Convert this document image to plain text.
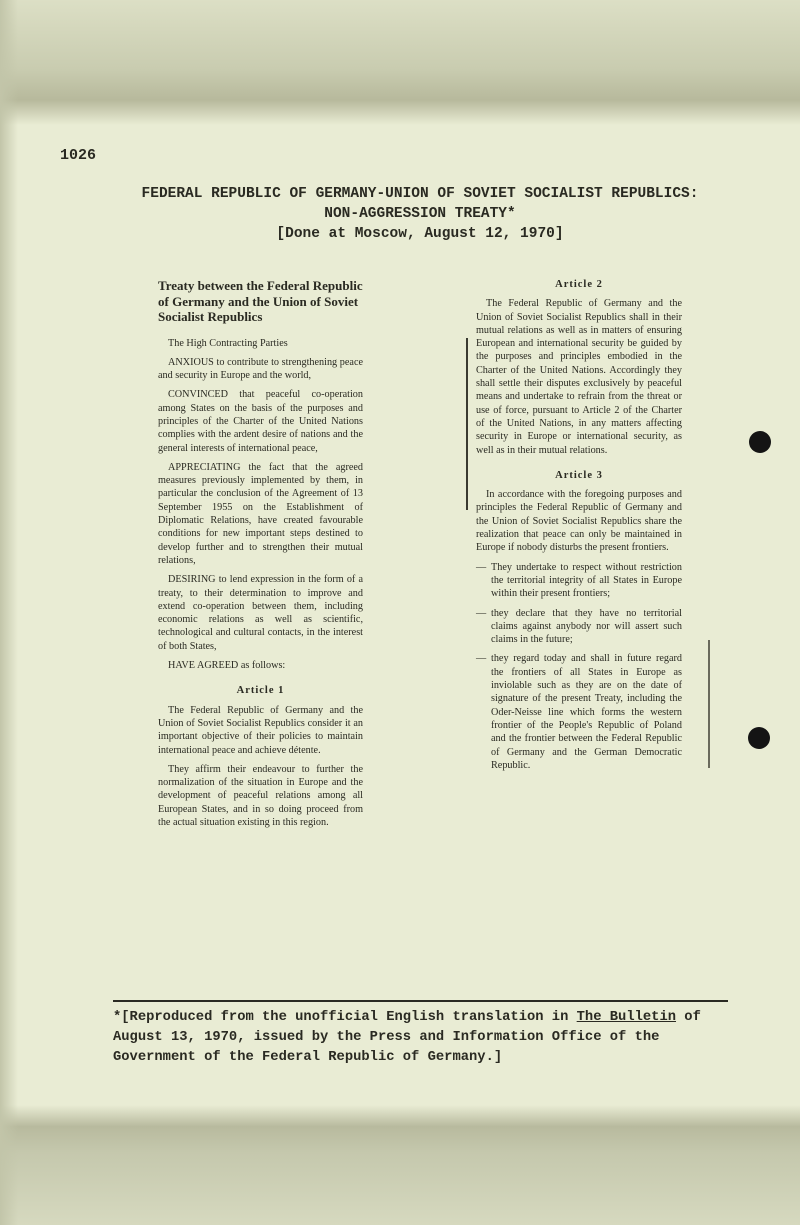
1026
FEDERAL REPUBLIC OF GERMANY-UNION OF SOVIET SOCIALIST REPUBLICS:
NON-AGGRESSION TREATY*
[Done at Moscow, August 12, 1970]
Treaty between the Federal Republic of Germany and the Union of Soviet Socialist Republics

The High Contracting Parties

ANXIOUS to contribute to strengthening peace and security in Europe and the world,

CONVINCED that peaceful co-operation among States on the basis of the purposes and principles of the Charter of the United Nations complies with the ardent desire of nations and the general interests of international peace,

APPRECIATING the fact that the agreed measures previously implemented by them, in particular the conclusion of the Agreement of 13 September 1955 on the Establishment of Diplomatic Relations, have created favourable conditions for new important steps destined to develop further and to strengthen their mutual relations,

DESIRING to lend expression in the form of a treaty, to their determination to improve and extend co-operation between them, including economic relations as well as scientific, technological and cultural contacts, in the interest of both States,

HAVE AGREED as follows:

Article 1

The Federal Republic of Germany and the Union of Soviet Socialist Republics consider it an important objective of their policies to maintain international peace and achieve détente.

They affirm their endeavour to further the normalization of the situation in Europe and the development of peaceful relations among all European States, and in so doing proceed from the actual situation existing in this region.

Article 2

The Federal Republic of Germany and the Union of Soviet Socialist Republics shall in their mutual relations as well as in matters of ensuring European and international security be guided by the purposes and principles embodied in the Charter of the United Nations. Accordingly they shall settle their disputes exclusively by peaceful means and undertake to refrain from the threat or use of force, pursuant to Article 2 of the Charter of the United Nations, in any matters affecting security in Europe or international security, as well as in their mutual relations.

Article 3

In accordance with the foregoing purposes and principles the Federal Republic of Germany and the Union of Soviet Socialist Republics share the realization that peace can only be maintained in Europe if nobody disturbs the present frontiers.

— They undertake to respect without restriction the territorial integrity of all States in Europe within their present frontiers;
— they declare that they have no territorial claims against anybody nor will assert such claims in the future;
— they regard today and shall in future regard the frontiers of all States in Europe as inviolable such as they are on the date of signature of the present Treaty, including the Oder-Neisse line which forms the western frontier of the People's Republic of Poland and the frontier between the Federal Republic of Germany and the German Democratic Republic.
*[Reproduced from the unofficial English translation in The Bulletin of August 13, 1970, issued by the Press and Information Office of the Government of the Federal Republic of Germany.]
